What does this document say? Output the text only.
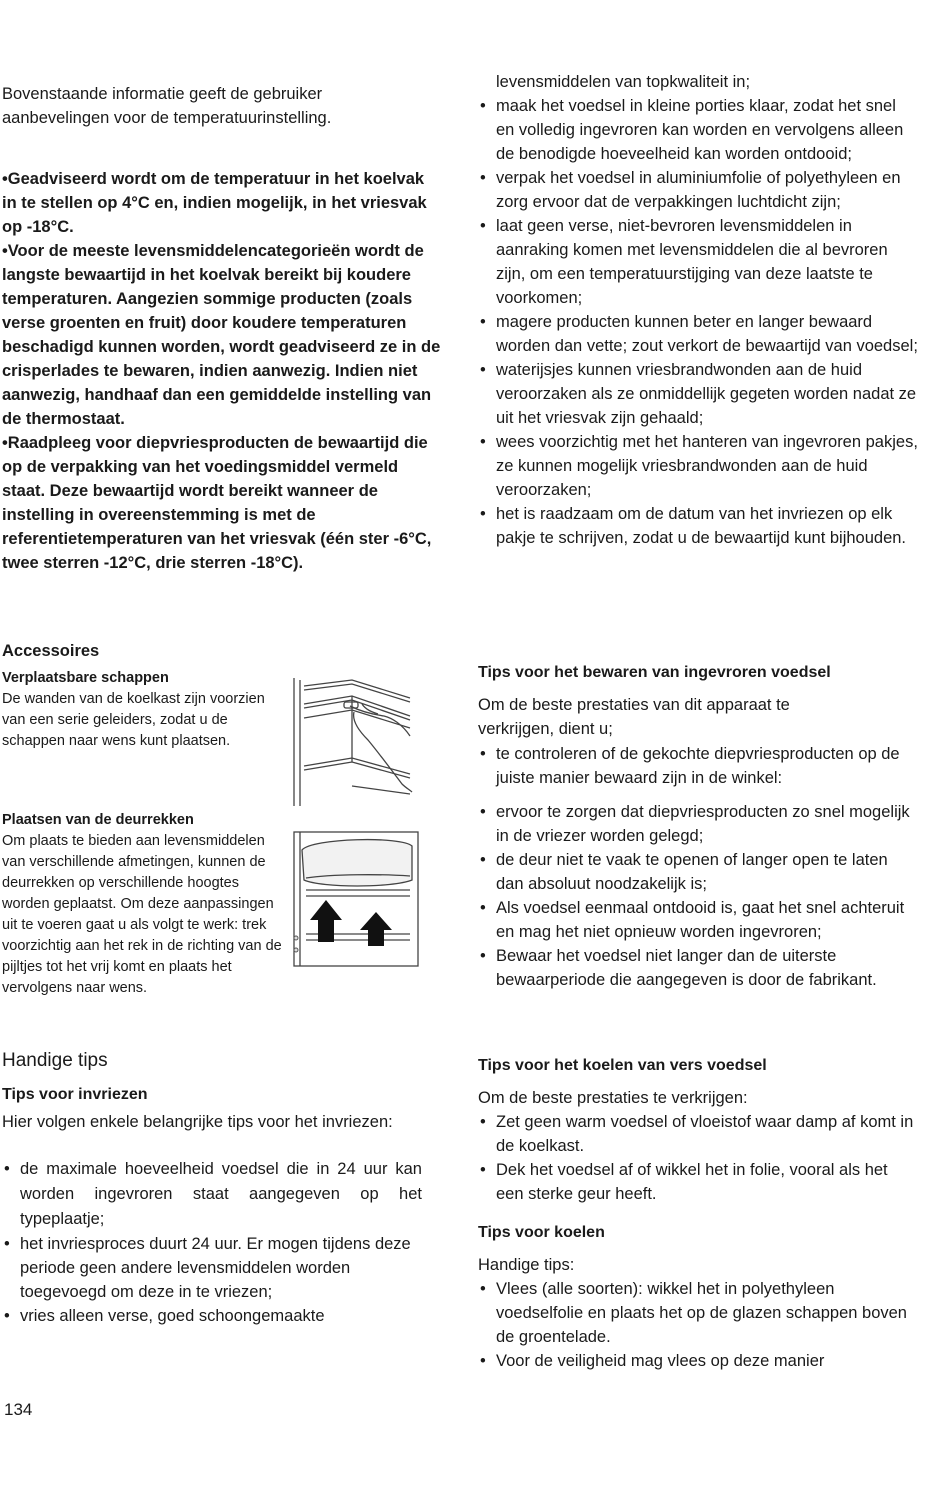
Bovenstaande informatie geeft de gebruiker aanbevelingen voor de temperatuurinstelling.

•Geadviseerd wordt om de temperatuur in het koelvak in te stellen op 4°C en, indien mogelijk, in het vriesvak op -18°C.

•Voor de meeste levensmiddelencategorieën wordt de langste bewaartijd in het koelvak bereikt bij koudere temperaturen. Aangezien sommige producten (zoals verse groenten en fruit) door koudere temperaturen beschadigd kunnen worden, wordt geadviseerd ze in de crisperlades te bewaren, indien aanwezig. Indien niet aanwezig, handhaaf dan een gemiddelde instelling van de thermostaat.

•Raadpleeg voor diepvriesproducten de bewaartijd die op de verpakking van het voedingsmiddel vermeld staat. Deze bewaartijd wordt bereikt wanneer de instelling in overeenstemming is met de referentietemperaturen van het vriesvak (één ster -6°C, twee sterren -12°C, drie sterren -18°C).

Accessoires

Verplaatsbare schappen

De wanden van de koelkast zijn voorzien van een serie geleiders, zodat u de schappen naar wens kunt plaatsen.

Plaatsen van de deurrekken

Om plaats te bieden aan levensmiddelen van verschillende afmetingen, kunnen de deurrekken op verschillende hoogtes worden geplaatst. Om deze aanpassingen uit te voeren gaat u als volgt te werk: trek voorzichtig aan het rek in de richting van de pijltjes tot het vrij komt en plaats het vervolgens naar wens.

Handige tips

Tips voor invriezen

Hier volgen enkele belangrijke tips voor het invriezen:

• de maximale hoeveelheid voedsel die in 24 uur kan worden ingevroren staat aangegeven op het typeplaatje;
• het invriesproces duurt 24 uur. Er mogen tijdens deze periode geen andere levensmiddelen worden toegevoegd om deze in te vriezen;
• vries alleen verse, goed schoongemaakte

levensmiddelen van topkwaliteit in;

• maak het voedsel in kleine porties klaar, zodat het snel en volledig ingevroren kan worden en vervolgens alleen de benodigde hoeveelheid kan worden ontdooid;
• verpak het voedsel in aluminiumfolie of polyethyleen en zorg ervoor dat de verpakkingen luchtdicht zijn;
• laat geen verse, niet-bevroren levensmiddelen in aanraking komen met levensmiddelen die al bevroren zijn, om een temperatuurstijging van deze laatste te voorkomen;
• magere producten kunnen beter en langer bewaard worden dan vette; zout verkort de bewaartijd van voedsel;
• waterijsjes kunnen vriesbrandwonden aan de huid veroorzaken als ze onmiddellijk gegeten worden nadat ze uit het vriesvak zijn gehaald;
• wees voorzichtig met het hanteren van ingevroren pakjes, ze kunnen mogelijk vriesbrandwonden aan de huid veroorzaken;
• het is raadzaam om de datum van het invriezen op elk pakje te schrijven, zodat u de bewaartijd kunt bijhouden.

Tips voor het bewaren van ingevroren voedsel

Om de beste prestaties van dit apparaat te verkrijgen, dient u;

• te controleren of de gekochte diepvriesproducten op de juiste manier bewaard zijn in de winkel:
• ervoor te zorgen dat diepvriesproducten zo snel mogelijk in de vriezer worden gelegd;
• de deur niet te vaak te openen of langer open te laten dan absoluut noodzakelijk is;
• Als voedsel eenmaal ontdooid is, gaat het snel achteruit en mag het niet opnieuw worden ingevroren;
• Bewaar het voedsel niet langer dan de uiterste bewaarperiode die aangegeven is door de fabrikant.

Tips voor het koelen van vers voedsel

Om de beste prestaties te verkrijgen:

• Zet geen warm voedsel of vloeistof waar damp af komt in de koelkast.
• Dek het voedsel af of wikkel het in folie, vooral als het een sterke geur heeft.

Tips voor koelen

Handige tips:

• Vlees (alle soorten): wikkel het in polyethyleen voedselfolie en plaats het op de glazen schappen boven de groentelade.
• Voor de veiligheid mag vlees op deze manier
134
